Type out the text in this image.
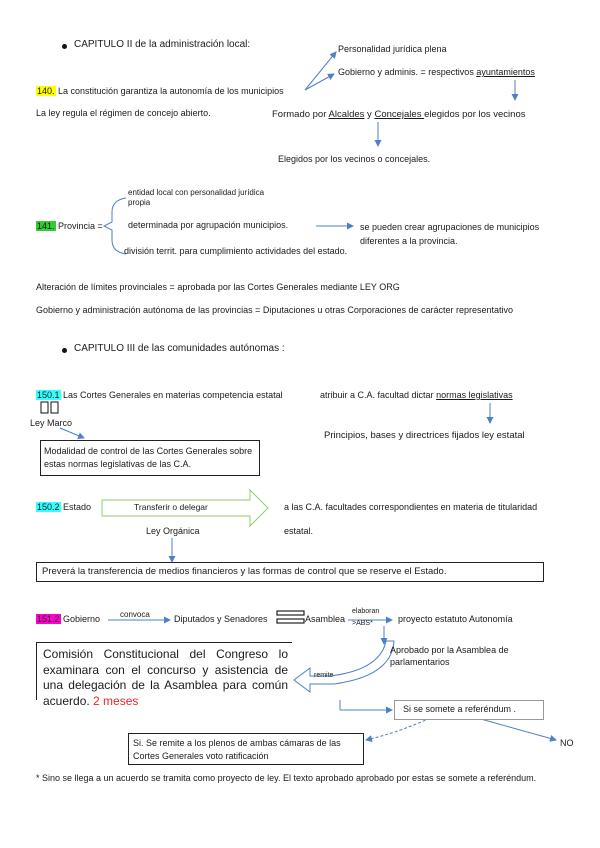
CAPITULO II de la administración local:	Personalidad jurídica plena
Gobierno y adminis. = respectivos ayuntamientos
140. La constitución garantiza la autonomía de los municipios
La ley regula el régimen de concejo abierto.	Formado por Alcaldes y Concejales elegidos por los vecinos
Elegidos por los vecinos o concejales.
entidad local con personalidad jurídica
propia
141. Provincia =	determinada por agrupación municipios.	se pueden crear agrupaciones de municipios
diferentes a la provincia.
división territ. para cumplimiento actividades del estado.
Alteración de límites provinciales = aprobada por las Cortes Generales mediante LEY ORG
Gobierno y administración autónoma de las provincias = Diputaciones u otras Corporaciones de carácter representativo
CAPITULO III de las comunidades autónomas :
150.1 Las Cortes Generales en materias competencia estatal	atribuir a C.A. facultad dictar normas legislativas
Ley Marco
Principios, bases y directrices fijados ley estatal
Modalidad de control de las Cortes Generales sobre estas normas legislativas de las C.A.
150.2 Estado	Transferir o delegar
Ley Orgánica
a las C.A. facultades correspondientes en materia de titularidad
estatal.
Preverá la transferencia de medios financieros y las formas de control que se reserve el Estado.
151.2 Gobierno convoca	Diputados y Senadores	Asamblea
elaboran
>ABS*	proyecto estatuto Autonomía
Aprobado por la Asamblea de parlamentarios
remite
Comisión Constitucional del Congreso lo examinara con el concurso y asistencia de una delegación de la Asamblea para común acuerdo. 2 meses
Si se somete a referéndum .
Si. Se remite a los plenos de ambas cámaras de las Cortes Generales voto ratificación
NO
* Sino se llega a un acuerdo se tramita como proyecto de ley. El texto aprobado aprobado por estas se somete a referéndum.
